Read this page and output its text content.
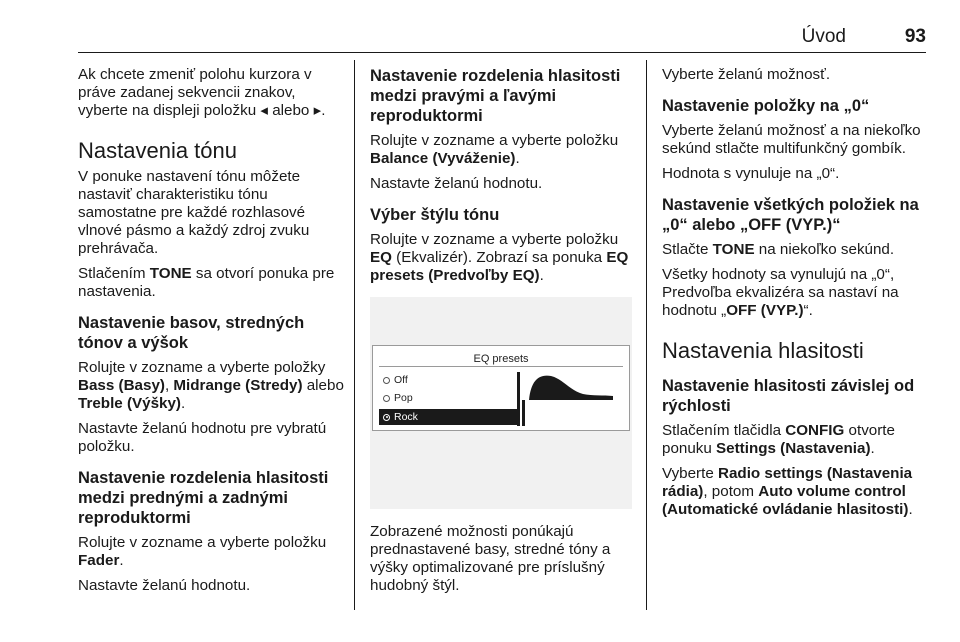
Úvod	93

Ak chcete zmeniť polohu kurzora v práve zadanej sekvencii znakov, vyberte na displeji položku ◂ alebo ▸.

Nastavenia tónu

V ponuke nastavení tónu môžete nastaviť charakteristiku tónu samostatne pre každé rozhlasové vlnové pásmo a každý zdroj zvuku prehrávača.

Stlačením TONE sa otvorí ponuka pre nastavenia.

Nastavenie basov, stredných tónov a výšok

Rolujte v zozname a vyberte položky Bass (Basy), Midrange (Stredy) alebo Treble (Výšky).

Nastavte želanú hodnotu pre vybratú položku.

Nastavenie rozdelenia hlasitosti medzi prednými a zadnými reproduktormi

Rolujte v zozname a vyberte položku Fader.

Nastavte želanú hodnotu.

Nastavenie rozdelenia hlasitosti medzi pravými a ľavými reproduktormi

Rolujte v zozname a vyberte položku Balance (Vyváženie).

Nastavte želanú hodnotu.

Výber štýlu tónu

Rolujte v zozname a vyberte položku EQ (Ekvalizér). Zobrazí sa ponuka EQ presets (Predvoľby EQ).

EQ presets
Off
Pop
Rock

Zobrazené možnosti ponúkajú prednastavené basy, stredné tóny a výšky optimalizované pre príslušný hudobný štýl.

Vyberte želanú možnosť.

Nastavenie položky na „0“

Vyberte želanú možnosť a na niekoľko sekúnd stlačte multifunkčný gombík.

Hodnota s vynuluje na „0“.

Nastavenie všetkých položiek na „0“ alebo „OFF (VYP.)“

Stlačte TONE na niekoľko sekúnd.

Všetky hodnoty sa vynulujú na „0“, Predvoľba ekvalizéra sa nastaví na hodnotu „OFF (VYP.)“.

Nastavenia hlasitosti
Nastavenie hlasitosti závislej od rýchlosti

Stlačením tlačidla CONFIG otvorte ponuku Settings (Nastavenia).

Vyberte Radio settings (Nastavenia rádia), potom Auto volume control (Automatické ovládanie hlasitosti).
